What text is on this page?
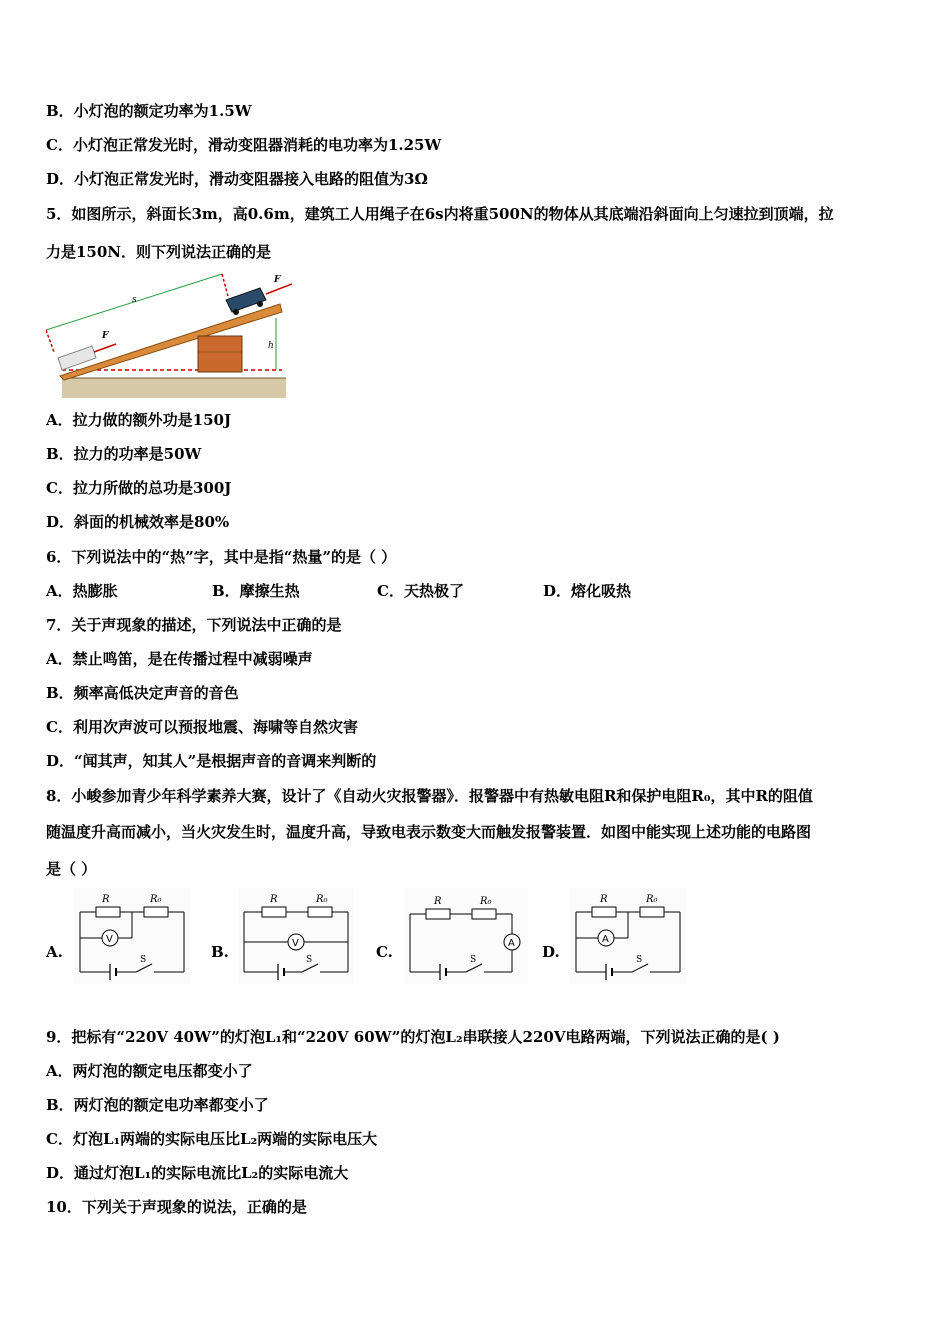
B．小灯泡的额定功率为1.5W
C．小灯泡正常发光时，滑动变阻器消耗的电功率为1.25W
D．小灯泡正常发光时，滑动变阻器接入电路的阻值为3Ω
5．如图所示，斜面长3m，高0.6m，建筑工人用绳子在6s内将重500N的物体从其底端沿斜面向上匀速拉到顶端，拉
力是150N．则下列说法正确的是
h
s
F
F
A．拉力做的额外功是150J
B．拉力的功率是50W
C．拉力所做的总功是300J
D．斜面的机械效率是80%
6．下列说法中的“热”字，其中是指“热量”的是（ ）
A．热膨胀	B．摩擦生热	C．天热极了	D．熔化吸热
7．关于声现象的描述，下列说法中正确的是
A．禁止鸣笛，是在传播过程中减弱噪声
B．频率高低决定声音的音色
C．利用次声波可以预报地震、海啸等自然灾害
D．“闻其声，知其人”是根据声音的音调来判断的
8．小峻参加青少年科学素养大赛，设计了《自动火灾报警器》．报警器中有热敏电阻R和保护电阻R₀，其中R的阻值
随温度升高而减小，当火灾发生时，温度升高，导致电表示数变大而触发报警装置．如图中能实现上述功能的电路图
是（ ）
A.	B.	C.	D.
R	R₀
V
S
R	R₀
V
S
R	R₀
A
S
R	R₀
A
S
9．把标有“220V 40W”的灯泡L₁和“220V 60W”的灯泡L₂串联接人220V电路两端，下列说法正确的是( )
A．两灯泡的额定电压都变小了
B．两灯泡的额定电功率都变小了
C．灯泡L₁两端的实际电压比L₂两端的实际电压大
D．通过灯泡L₁的实际电流比L₂的实际电流大
10．下列关于声现象的说法，正确的是
